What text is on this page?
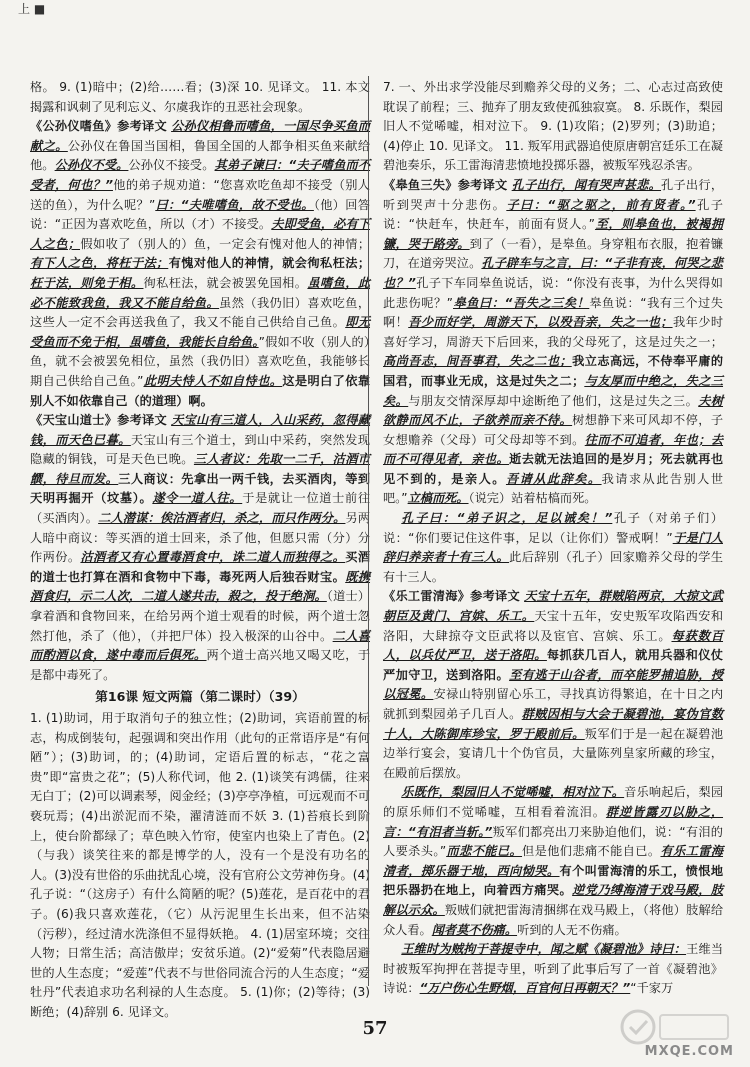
上 ■

格。 9. (1)暗中；(2)给……看；(3)深 10. 见译文。 11. 本文揭露和讽刺了见利忘义、尔虞我诈的丑恶社会现象。

《公孙仪嗜鱼》参考译文 公孙仪相鲁而嗜鱼，一国尽争买鱼而献之。公孙仪在鲁国当国相，鲁国全国的人都争相买鱼来献给他。公孙仪不受。公孙仪不接受。其弟子谏曰：“夫子嗜鱼而不受者，何也？”他的弟子规劝道：“您喜欢吃鱼却不接受（别人送的鱼），为什么呢？”曰：“夫唯嗜鱼，故不受也。（他）回答说：“正因为喜欢吃鱼，所以（才）不接受。夫即受鱼，必有下人之色；假如收了（别人的）鱼，一定会有愧对他人的神情；有下人之色，将枉于法；有愧对他人的神情，就会徇私枉法；枉于法，则免于相。徇私枉法，就会被罢免国相。虽嗜鱼，此必不能致我鱼，我又不能自给鱼。虽然（我仍旧）喜欢吃鱼，这些人一定不会再送我鱼了，我又不能自己供给自己鱼。即无受鱼而不免于相，虽嗜鱼，我能长自给鱼。”假如不收（别人的）鱼，就不会被罢免相位，虽然（我仍旧）喜欢吃鱼，我能够长期自己供给自己鱼。”此明夫恃人不如自恃也。这是明白了依靠别人不如依靠自己（的道理）啊。

《天宝山道士》参考译文 天宝山有三道人，入山采药，忽得藏钱，而天色已暮。天宝山有三个道士，到山中采药，突然发现隐藏的铜钱，可是天色已晚。三人者议：先取一二千，沽酒市饌，待旦而发。三人商议：先拿出一两千钱，去买酒肉，等到天明再掘开（坟墓）。遂令一道人往。于是就让一位道士前往（买酒肉）。二人潜谋：俟沽酒者归，杀之，而只作两分。另两人暗中商议：等买酒的道士回来，杀了他，但愿只需（分）分作两份。沽酒者又有心置毒酒食中，诛二道人而独得之。买酒的道士也打算在酒和食物中下毒，毒死两人后独吞财宝。既携酒食归，示二人次，二道人遂共击，殺之，投于绝涧。（道士）拿着酒和食物回来，在给另两个道士观看的时候，两个道士忽然打他，杀了（他），（并把尸体）投入极深的山谷中。二人喜而酌酒以食，遂中毒而后俱死。两个道士高兴地又喝又吃，于是都中毒死了。

第16课 短文两篇（第二课时）（39）

1. (1)助词，用于取消句子的独立性；(2)助词，宾语前置的标志，构成倒装句，起强调和突出作用（此句的正常语序是“有何陋”）；(3)助词，的；(4)助词，定语后置的标志，“花之富贵”即“富贵之花”；(5)人称代词，他 2. (1)谈笑有鸿儒，往来无白丁；(2)可以调素琴，阅金经；(3)亭亭净植，可远观而不可亵玩焉；(4)出淤泥而不染，濯清涟而不妖 3. (1)苔痕长到阶上，使台阶都绿了；草色映入竹帘，使室内也染上了青色。(2)（与我）谈笑往来的都是博学的人，没有一个是没有功名的人。(3)没有世俗的乐曲扰乱心境，没有官府公文劳神伤身。(4)孔子说：“（这房子）有什么简陋的呢？(5)莲花，是百花中的君子。(6)我只喜欢莲花，（它）从污泥里生长出来，但不沾染（污秽），经过清水洗涤但不显得妖艳。 4. (1)居室环境；交往人物；日常生活；高洁傲岸；安贫乐道。(2)“爱菊”代表隐居避世的人生态度；“爱莲”代表不与世俗同流合污的人生态度；“爱牡丹”代表追求功名利禄的人生态度。 5. (1)你；(2)等待；(3)断绝；(4)辞别 6. 见译文。

7. 一、外出求学没能尽到赡养父母的义务；二、心志过高致使耽误了前程；三、抛弃了朋友致使孤独寂寞。 8. 乐既作，梨园旧人不觉唏嘘，相对泣下。 9. (1)攻陷；(2)罗列；(3)助追；(4)停止 10. 见译文。 11. 叛军用武器追使原唐朝宫廷乐工在凝碧池奏乐，乐工雷海清悲愤地投掷乐器，被叛军残忍杀害。

《皋鱼三失》参考译文 孔子出行，闻有哭声甚悲。孔子出行，听到哭声十分悲伤。子曰：“驱之驱之，前有贤者。”孔子说：“快赶车，快赶车，前面有贤人。”至，则皋鱼也，被褐拥镰，哭于路旁。到了（一看），是皋鱼。身穿粗布衣服，抱着镰刀，在道旁哭泣。孔子辟车与之言，曰：“子非有丧，何哭之悲也？”孔子下车同皋鱼说话，说：“你没有丧事，为什么哭得如此悲伤呢？”皋鱼曰：“吾失之三矣！皋鱼说：“我有三个过失啊！吾少而好学，周游天下，以殁吾亲，失之一也；我年少时喜好学习，周游天下后回来，我的父母死了，这是过失之一；高尚吾志，间吾事君，失之二也；我立志高远，不侍奉平庸的国君，而事业无成，这是过失之二；与友厚而中绝之，失之三矣。与朋友交情深厚却中途断绝了他们，这是过失之三。夫树欲静而风不止，子欲养而亲不待。树想静下来可风却不停，子女想赡养（父母）可父母却等不到。往而不可追者，年也；去而不可得见者，亲也。逝去就无法追回的是岁月；死去就再也见不到的，是亲人。吾请从此辞矣。我请求从此告别人世吧。”立槁而死。（说完）站着枯槁而死。

孔子曰：“弟子识之，足以诫矣！”孔子（对弟子们）说：“你们要记住这件事，足以（让你们）警戒啊！”于是门人辞归养亲者十有三人。此后辞别（孔子）回家赡养父母的学生有十三人。

《乐工雷清海》参考译文 天宝十五年，群贼陷两京，大掠文武朝臣及黄门、宫嫔、乐工。天宝十五年，安史叛军攻陷西安和洛阳，大肆掠夺文臣武将以及宦官、宫嫔、乐工。每获数百人，以兵仗严卫，送于洛阳。每抓获几百人，就用兵器和仪仗严加守卫，送到洛阳。至有逃于山谷者，而卒能罗捕追胁，授以冠冕。安禄山特别留心乐工，寻找真访得繁追，在十日之内就抓到梨园弟子几百人。群贼因相与大会于凝碧池，宴伪官数十人，大陈御库珍宝，罗于殿前后。叛军们于是一起在凝碧池边举行宴会，宴请几十个伪官员，大量陈列皇家所藏的珍宝，在殿前后摆放。

乐既作，梨园旧人不觉唏嘘，相对泣下。音乐响起后，梨园的原乐师们不觉唏嘘，互相看着流泪。群逆皆露刃以胁之，言：“有泪者当斩。”叛军们都亮出刀来胁迫他们，说：“有泪的人要杀头。”而悲不能已。但是他们悲痛不能自已。有乐工雷海清者，掷乐器于地，西向恸哭。有个叫雷海清的乐工，愤恨地把乐器扔在地上，向着西方痛哭。逆党乃缚海清于戏马殿，肢解以示众。叛贼们就把雷海清捆绑在戏马殿上，（将他）肢解给众人看。闻者莫不伤痛。听到的人无不伤痛。

王维时为贼拘于菩提寺中，闻之赋《凝碧池》诗曰：王维当时被叛军拘押在菩提寺里，听到了此事后写了一首《凝碧池》诗说：“万户伤心生野烟，百官何日再朝天？”“千家万

57
MXQE.COM
